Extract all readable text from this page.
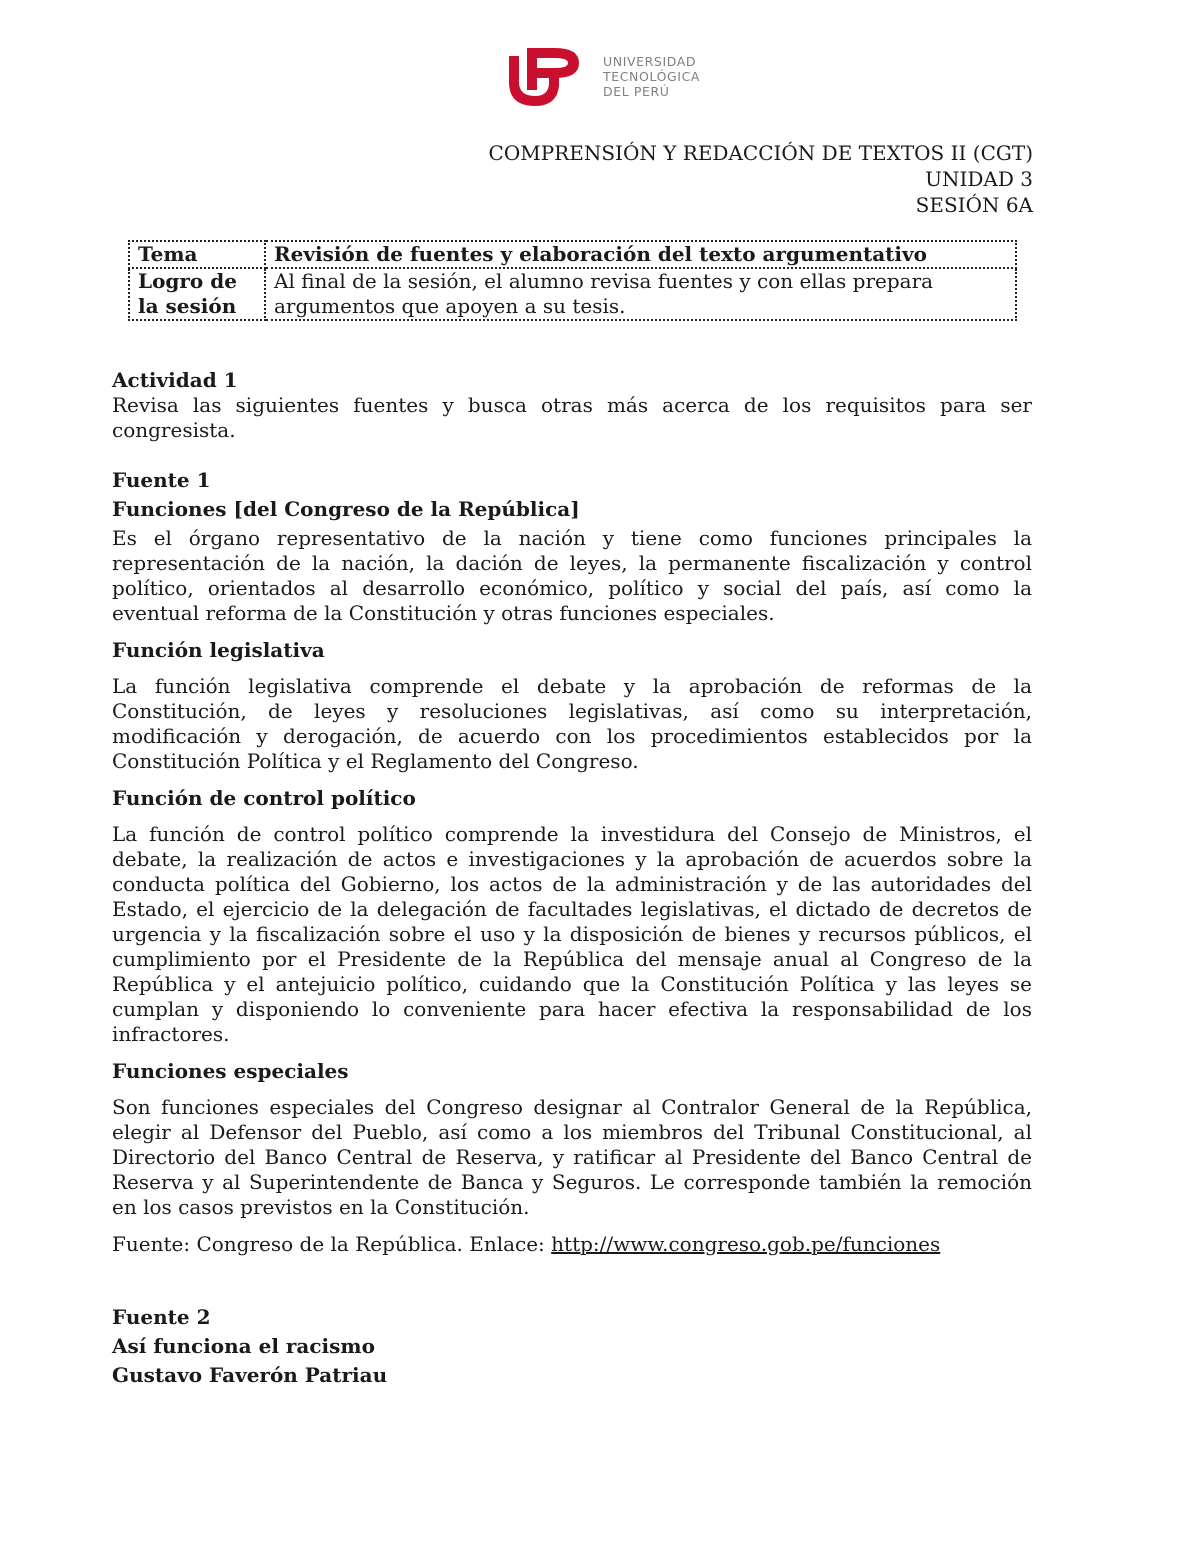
UNIVERSIDAD
TECNOLÓGICA
DEL PERÚ
COMPRENSIÓN Y REDACCIÓN DE TEXTOS II (CGT)
UNIDAD 3
SESIÓN 6A
Tema	Revisión de fuentes y elaboración del texto argumentativo
Logro de la sesión	Al final de la sesión, el alumno revisa fuentes y con ellas prepara argumentos que apoyen a su tesis.

Actividad 1

Revisa las siguientes fuentes y busca otras más acerca de los requisitos para ser congresista.

Fuente 1

Funciones [del Congreso de la República]

Es el órgano representativo de la nación y tiene como funciones principales la representación de la nación, la dación de leyes, la permanente fiscalización y control político, orientados al desarrollo económico, político y social del país, así como la eventual reforma de la Constitución y otras funciones especiales.

Función legislativa

La función legislativa comprende el debate y la aprobación de reformas de la Constitución, de leyes y resoluciones legislativas, así como su interpretación, modificación y derogación, de acuerdo con los procedimientos establecidos por la Constitución Política y el Reglamento del Congreso.

Función de control político

La función de control político comprende la investidura del Consejo de Ministros, el debate, la realización de actos e investigaciones y la aprobación de acuerdos sobre la conducta política del Gobierno, los actos de la administración y de las autoridades del Estado, el ejercicio de la delegación de facultades legislativas, el dictado de decretos de urgencia y la fiscalización sobre el uso y la disposición de bienes y recursos públicos, el cumplimiento por el Presidente de la República del mensaje anual al Congreso de la República y el antejuicio político, cuidando que la Constitución Política y las leyes se cumplan y disponiendo lo conveniente para hacer efectiva la responsabilidad de los infractores.

Funciones especiales

Son funciones especiales del Congreso designar al Contralor General de la República, elegir al Defensor del Pueblo, así como a los miembros del Tribunal Constitucional, al Directorio del Banco Central de Reserva, y ratificar al Presidente del Banco Central de Reserva y al Superintendente de Banca y Seguros. Le corresponde también la remoción en los casos previstos en la Constitución.

Fuente: Congreso de la República. Enlace: http://www.congreso.gob.pe/funciones

Fuente 2

Así funciona el racismo

Gustavo Faverón Patriau
